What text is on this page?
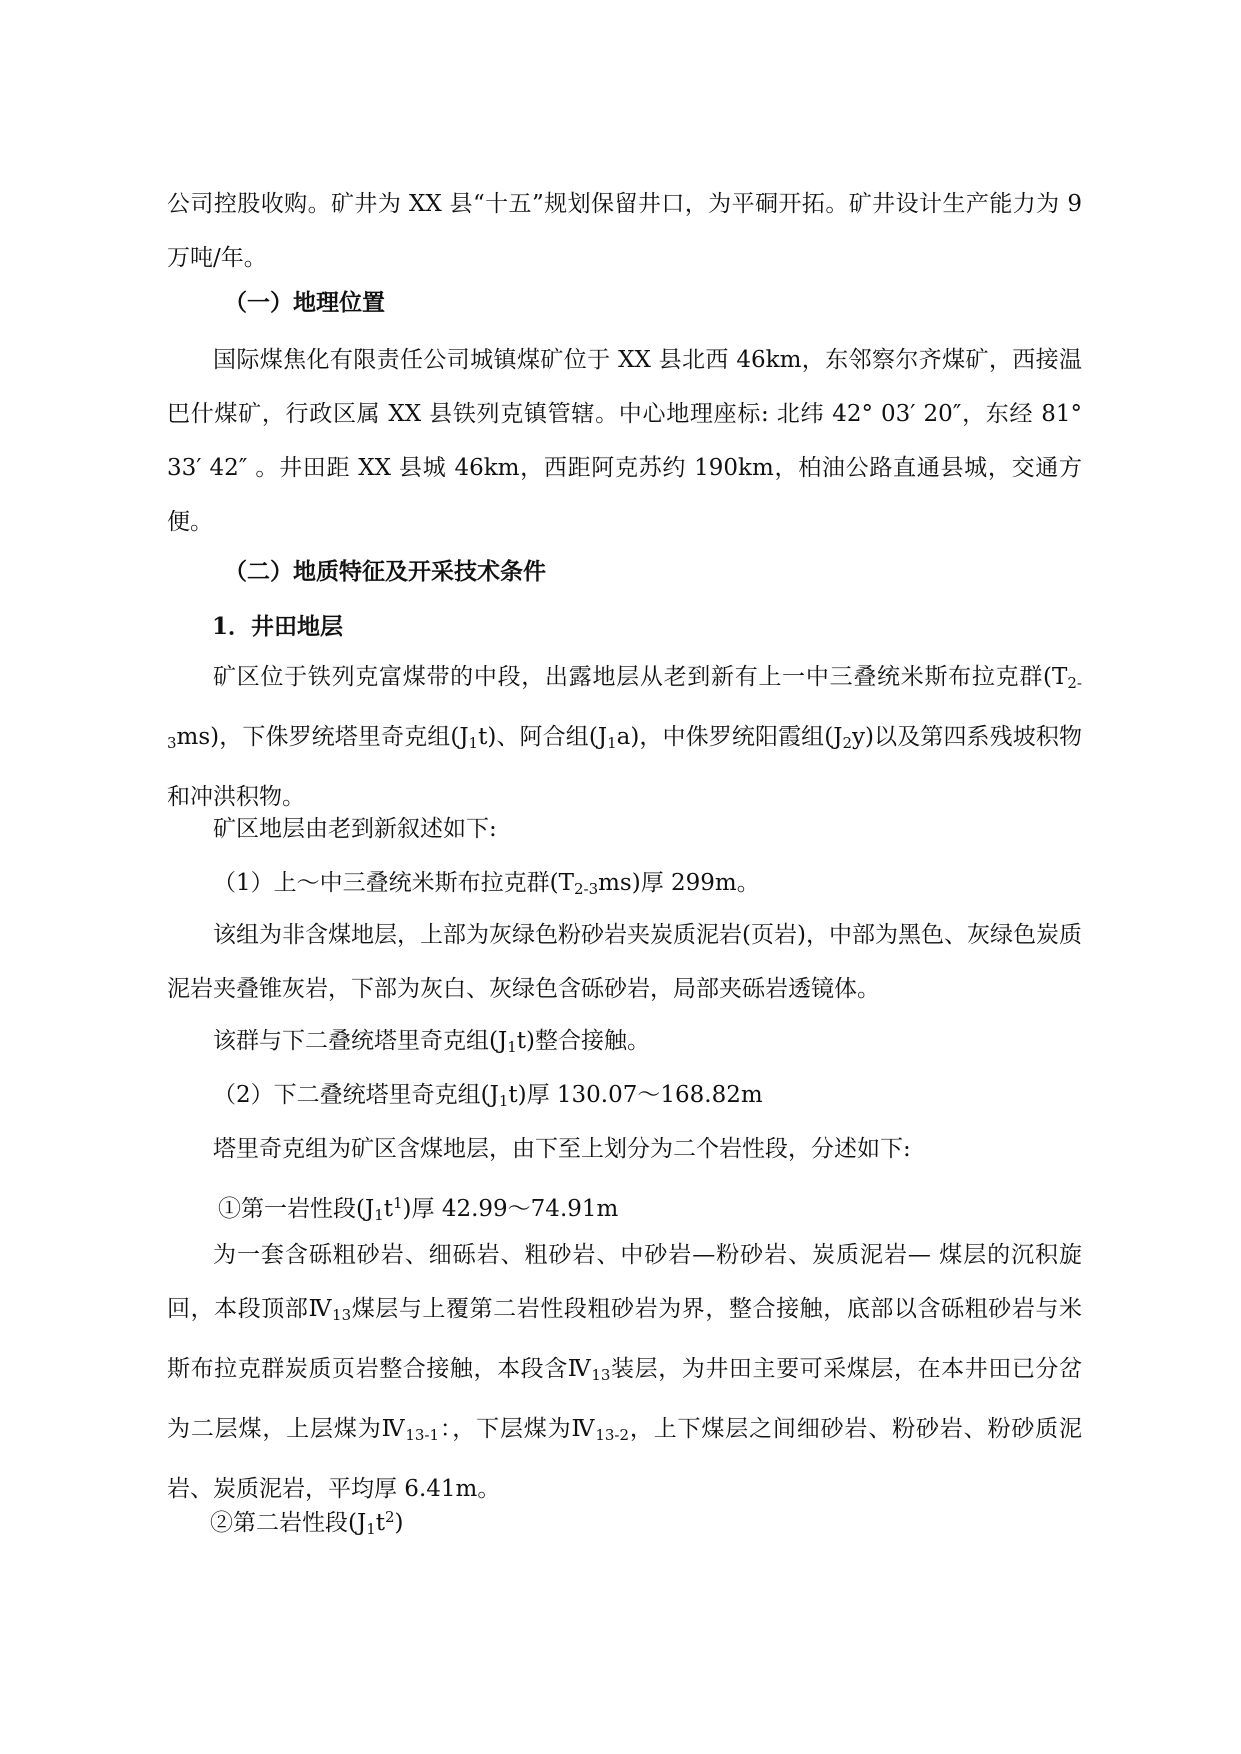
公司控股收购。矿井为 XX 县“十五”规划保留井口，为平硐开拓。矿井设计生产能力为 9 万吨/年。

（一）地理位置

国际煤焦化有限责任公司城镇煤矿位于 XX 县北西 46km，东邻察尔齐煤矿，西接温巴什煤矿，行政区属 XX 县铁列克镇管辖。中心地理座标: 北纬 42° 03′ 20″，东经 81° 33′ 42″ 。井田距 XX 县城 46km，西距阿克苏约 190km，柏油公路直通县城，交通方便。

（二）地质特征及开采技术条件

1．井田地层

矿区位于铁列克富煤带的中段，出露地层从老到新有上一中三叠统米斯布拉克群$(T_{2-3}ms)$，下侏罗统塔里奇克组$(J_1t)$、阿合组$(J_1a)$，中侏罗统阳霞组$(J_2y)$以及第四系残坡积物和冲洪积物。

矿区地层由老到新叙述如下:

（1）上～中三叠统米斯布拉克群$(T_{2-3}ms)$厚 299m。

该组为非含煤地层，上部为灰绿色粉砂岩夹炭质泥岩(页岩)，中部为黑色、灰绿色炭质泥岩夹叠锥灰岩，下部为灰白、灰绿色含砾砂岩，局部夹砾岩透镜体。

该群与下二叠统塔里奇克组$(J_1t)$整合接触。

（2）下二叠统塔里奇克组$(J_1t)$厚 130.07～168.82m

塔里奇克组为矿区含煤地层，由下至上划分为二个岩性段，分述如下:

①第一岩性段$(J_1t^1)$厚 42.99～74.91m

为一套含砾粗砂岩、细砾岩、粗砂岩、中砂岩—粉砂岩、炭质泥岩— 煤层的沉积旋回，本段顶部$Ⅳ_{13}$煤层与上覆第二岩性段粗砂岩为界，整合接触，底部以含砾粗砂岩与米斯布拉克群炭质页岩整合接触，本段含$Ⅳ_{13}$装层，为井田主要可采煤层，在本井田已分岔为二层煤，上层煤为$Ⅳ_{13-1}$：，下层煤为$Ⅳ_{13-2}$，上下煤层之间细砂岩、粉砂岩、粉砂质泥岩、炭质泥岩，平均厚 6.41m。

②第二岩性段$(J_1t^2)$
